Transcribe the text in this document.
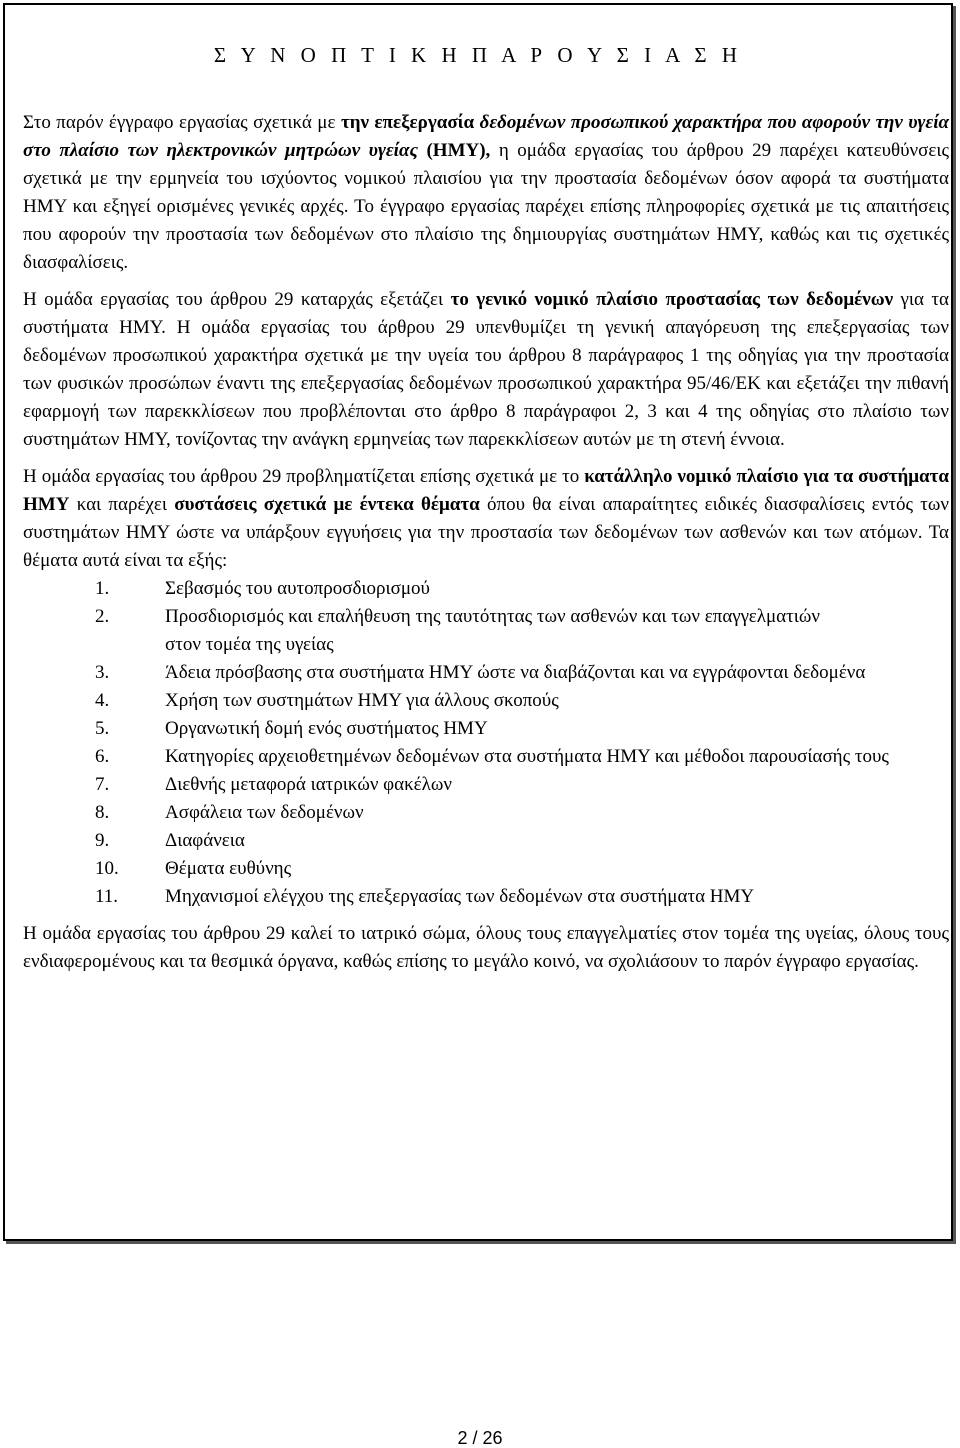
Σ Υ Ν Ο Π Τ Ι Κ Η Π Α Ρ Ο Υ Σ Ι Α Σ Η

Στο παρόν έγγραφο εργασίας σχετικά με την επεξεργασία δεδομένων προσωπικού χαρακτήρα που αφορούν την υγεία στο πλαίσιο των ηλεκτρονικών μητρώων υγείας (ΗΜΥ), η ομάδα εργασίας του άρθρου 29 παρέχει κατευθύνσεις σχετικά με την ερμηνεία του ισχύοντος νομικού πλαισίου για την προστασία δεδομένων όσον αφορά τα συστήματα ΗΜΥ και εξηγεί ορισμένες γενικές αρχές. Το έγγραφο εργασίας παρέχει επίσης πληροφορίες σχετικά με τις απαιτήσεις που αφορούν την προστασία των δεδομένων στο πλαίσιο της δημιουργίας συστημάτων ΗΜΥ, καθώς και τις σχετικές διασφαλίσεις.

Η ομάδα εργασίας του άρθρου 29 καταρχάς εξετάζει το γενικό νομικό πλαίσιο προστασίας των δεδομένων για τα συστήματα ΗΜΥ. Η ομάδα εργασίας του άρθρου 29 υπενθυμίζει τη γενική απαγόρευση της επεξεργασίας των δεδομένων προσωπικού χαρακτήρα σχετικά με την υγεία του άρθρου 8 παράγραφος 1 της οδηγίας για την προστασία των φυσικών προσώπων έναντι της επεξεργασίας δεδομένων προσωπικού χαρακτήρα 95/46/ΕΚ και εξετάζει την πιθανή εφαρμογή των παρεκκλίσεων που προβλέπονται στο άρθρο 8 παράγραφοι 2, 3 και 4 της οδηγίας στο πλαίσιο των συστημάτων ΗΜΥ, τονίζοντας την ανάγκη ερμηνείας των παρεκκλίσεων αυτών με τη στενή έννοια.

Η ομάδα εργασίας του άρθρου 29 προβληματίζεται επίσης σχετικά με το κατάλληλο νομικό πλαίσιο για τα συστήματα ΗΜΥ και παρέχει συστάσεις σχετικά με έντεκα θέματα όπου θα είναι απαραίτητες ειδικές διασφαλίσεις εντός των συστημάτων ΗΜΥ ώστε να υπάρξουν εγγυήσεις για την προστασία των δεδομένων των ασθενών και των ατόμων. Τα θέματα αυτά είναι τα εξής:

1.	Σεβασμός του αυτοπροσδιορισμού
2.	Προσδιορισμός και επαλήθευση της ταυτότητας των ασθενών και των επαγγελματιών
στον τομέα της υγείας
3.	Άδεια πρόσβασης στα συστήματα ΗΜΥ ώστε να διαβάζονται και να εγγράφονται δεδομένα
4.	Χρήση των συστημάτων ΗΜΥ για άλλους σκοπούς
5.	Οργανωτική δομή ενός συστήματος ΗΜΥ
6.	Κατηγορίες αρχειοθετημένων δεδομένων στα συστήματα ΗΜΥ και μέθοδοι παρουσίασής τους
7.	Διεθνής μεταφορά ιατρικών φακέλων
8.	Ασφάλεια των δεδομένων
9.	Διαφάνεια
10.	Θέματα ευθύνης
11.	Μηχανισμοί ελέγχου της επεξεργασίας των δεδομένων στα συστήματα ΗΜΥ

Η ομάδα εργασίας του άρθρου 29 καλεί το ιατρικό σώμα, όλους τους επαγγελματίες στον τομέα της υγείας, όλους τους ενδιαφερομένους και τα θεσμικά όργανα, καθώς επίσης το μεγάλο κοινό, να σχολιάσουν το παρόν έγγραφο εργασίας.

2 / 26
